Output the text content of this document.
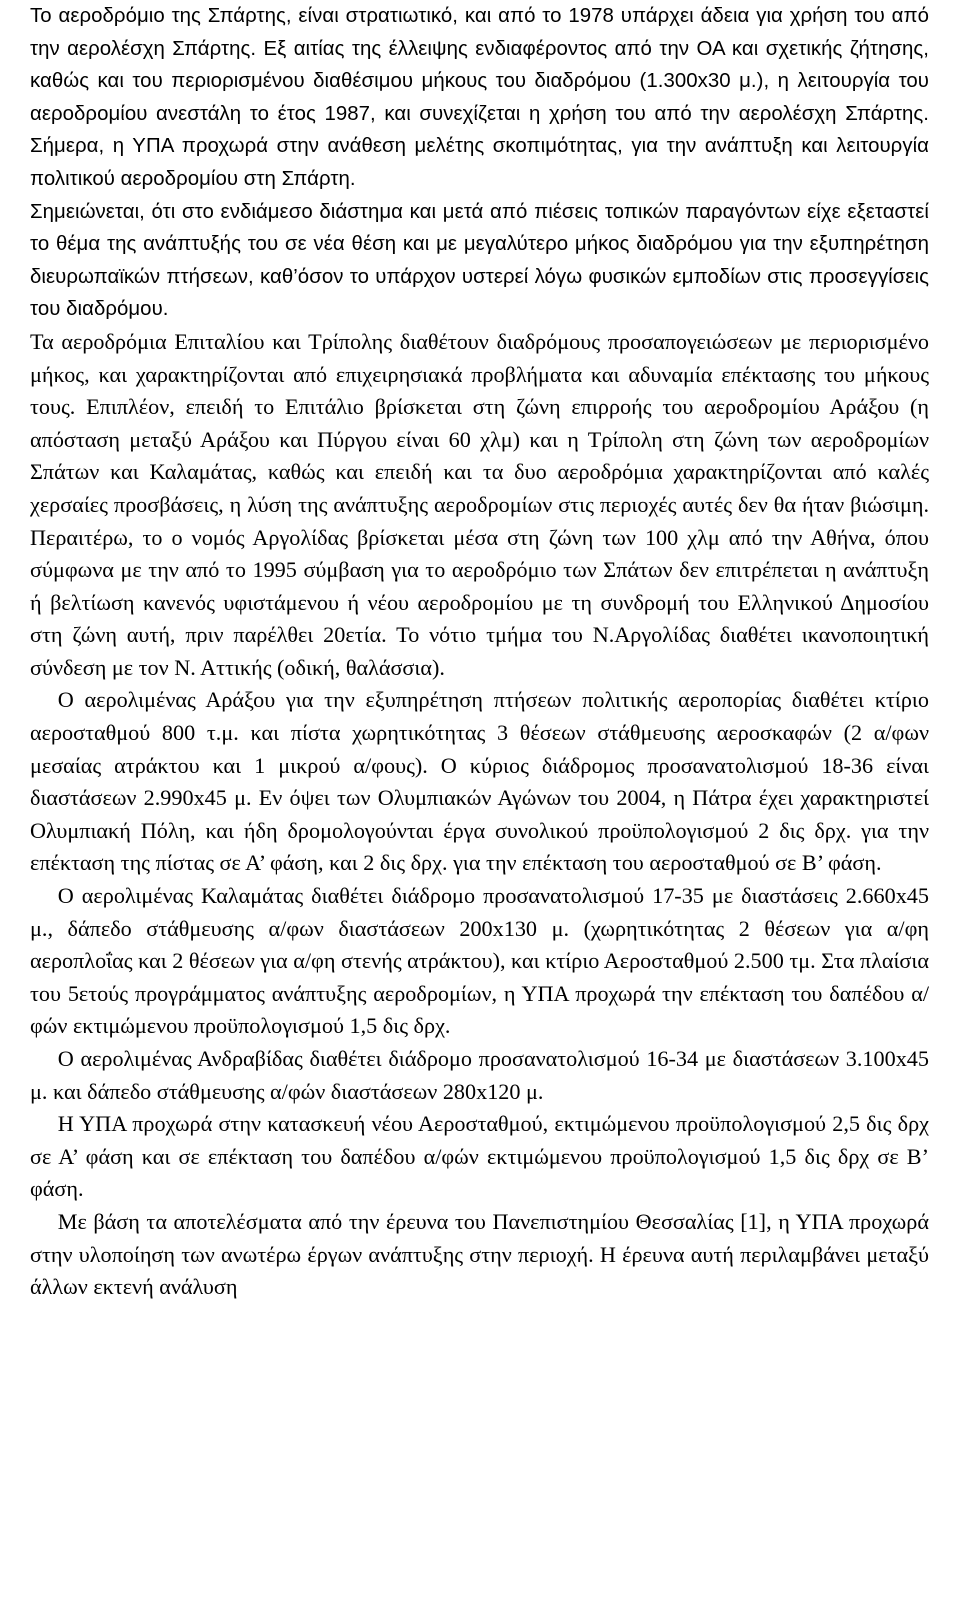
Το αεροδρόμιο της Σπάρτης, είναι στρατιωτικό, και από το 1978 υπάρχει άδεια για χρήση του από την αερολέσχη Σπάρτης. Εξ αιτίας της έλλειψης ενδιαφέροντος από την ΟΑ και σχετικής ζήτησης, καθώς και του περιορισμένου διαθέσιμου μήκους του διαδρόμου (1.300x30 μ.), η λειτουργία του αεροδρομίου ανεστάλη το έτος 1987, και συνεχίζεται η χρήση του από την αερολέσχη Σπάρτης. Σήμερα, η ΥΠΑ προχωρά στην ανάθεση μελέτης σκοπιμότητας, για την ανάπτυξη και λειτουργία πολιτικού αεροδρομίου στη Σπάρτη.

Σημειώνεται, ότι στο ενδιάμεσο διάστημα και μετά από πιέσεις τοπικών παραγόντων είχε εξεταστεί το θέμα της ανάπτυξής του σε νέα θέση και με μεγαλύτερο μήκος διαδρόμου για την εξυπηρέτηση διευρωπαϊκών πτήσεων, καθ’όσον το υπάρχον υστερεί λόγω φυσικών εμποδίων στις προσεγγίσεις του διαδρόμου.

Τα αεροδρόμια Επιταλίου και Τρίπολης διαθέτουν διαδρόμους προσαπογειώσεων με περιορισμένο μήκος, και χαρακτηρίζονται από επιχειρησιακά προβλήματα και αδυναμία επέκτασης του μήκους τους. Επιπλέον, επειδή το Επιτάλιο βρίσκεται στη ζώνη επιρροής του αεροδρομίου Αράξου (η απόσταση μεταξύ Αράξου και Πύργου είναι 60 χλμ) και η Τρίπολη στη ζώνη των αεροδρομίων Σπάτων και Καλαμάτας, καθώς και επειδή και τα δυο αεροδρόμια χαρακτηρίζονται από καλές χερσαίες προσβάσεις, η λύση της ανάπτυξης αεροδρομίων στις περιοχές αυτές δεν θα ήταν βιώσιμη. Περαιτέρω, το ο νομός Αργολίδας βρίσκεται μέσα στη ζώνη των 100 χλμ από την Αθήνα, όπου σύμφωνα με την από το 1995 σύμβαση για το αεροδρόμιο των Σπάτων δεν επιτρέπεται η ανάπτυξη ή βελτίωση κανενός υφιστάμενου ή νέου αεροδρομίου με τη συνδρομή του Ελληνικού Δημοσίου στη ζώνη αυτή, πριν παρέλθει 20ετία. Το νότιο τμήμα του Ν.Αργολίδας διαθέτει ικανοποιητική σύνδεση με τον Ν. Αττικής (οδική, θαλάσσια).

Ο αερολιμένας Αράξου για την εξυπηρέτηση πτήσεων πολιτικής αεροπορίας διαθέτει κτίριο αεροσταθμού 800 τ.μ. και πίστα χωρητικότητας 3 θέσεων στάθμευσης αεροσκαφών (2 α/φων μεσαίας ατράκτου και 1 μικρού α/φους). Ο κύριος διάδρομος προσανατολισμού 18-36 είναι διαστάσεων 2.990x45 μ. Εν όψει των Ολυμπιακών Αγώνων του 2004, η Πάτρα έχει χαρακτηριστεί Ολυμπιακή Πόλη, και ήδη δρομολογούνται έργα συνολικού προϋπολογισμού 2 δις δρχ. για την επέκταση της πίστας σε Α’ φάση, και 2 δις δρχ. για την επέκταση του αεροσταθμού σε Β’ φάση.

Ο αερολιμένας Καλαμάτας διαθέτει διάδρομο προσανατολισμού 17-35 με διαστάσεις 2.660x45 μ., δάπεδο στάθμευσης α/φων διαστάσεων 200x130 μ. (χωρητικότητας 2 θέσεων για α/φη αεροπλοΐας και 2 θέσεων για α/φη στενής ατράκτου), και κτίριο Αεροσταθμού 2.500 τμ. Στα πλαίσια του 5ετούς προγράμματος ανάπτυξης αεροδρομίων, η ΥΠΑ προχωρά την επέκταση του δαπέδου α/φών εκτιμώμενου προϋπολογισμού 1,5 δις δρχ.

Ο αερολιμένας Ανδραβίδας διαθέτει διάδρομο προσανατολισμού 16-34 με διαστάσεων 3.100x45 μ. και δάπεδο στάθμευσης α/φών διαστάσεων 280x120 μ.

Η ΥΠΑ προχωρά στην κατασκευή νέου Αεροσταθμού, εκτιμώμενου προϋπολογισμού 2,5 δις δρχ σε Α’ φάση και σε επέκταση του δαπέδου α/φών εκτιμώμενου προϋπολογισμού 1,5 δις δρχ σε Β’ φάση.

Με βάση τα αποτελέσματα από την έρευνα του Πανεπιστημίου Θεσσαλίας [1], η ΥΠΑ προχωρά στην υλοποίηση των ανωτέρω έργων ανάπτυξης στην περιοχή. Η έρευνα αυτή περιλαμβάνει μεταξύ άλλων εκτενή ανάλυση
